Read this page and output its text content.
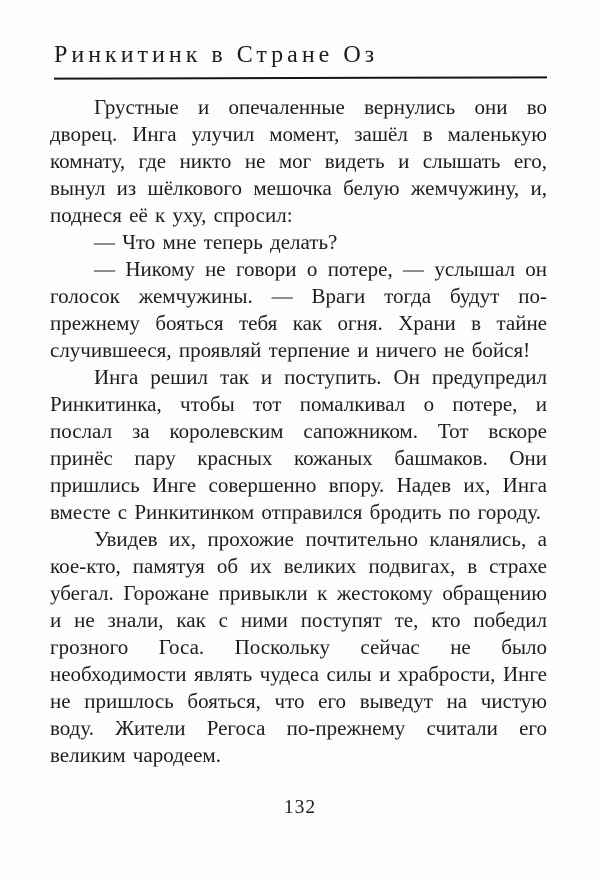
Ринкитинк в Стране Оз

Грустные и опечаленные вернулись они во дворец. Инга улучил момент, зашёл в маленькую комнату, где никто не мог видеть и слышать его, вынул из шёлкового мешочка белую жемчужину, и, поднеся её к уху, спросил:

— Что мне теперь делать?

— Никому не говори о потере, — услышал он голосок жемчужины. — Враги тогда будут по-прежнему бояться тебя как огня. Храни в тайне случившееся, проявляй терпение и ничего не бойся!

Инга решил так и поступить. Он предупредил Ринкитинка, чтобы тот помалкивал о потере, и послал за королевским сапожником. Тот вскоре принёс пару красных кожаных башмаков. Они пришлись Инге совершенно впору. Надев их, Инга вместе с Ринкитинком отправился бродить по городу.

Увидев их, прохожие почтительно кланялись, а кое-кто, памятуя об их великих подвигах, в страхе убегал. Горожане привыкли к жестокому обращению и не знали, как с ними поступят те, кто победил грозного Госа. Поскольку сейчас не было необходимости являть чудеса силы и храбрости, Инге не пришлось бояться, что его выведут на чистую воду. Жители Регоса по-прежнему считали его великим чародеем.

132
